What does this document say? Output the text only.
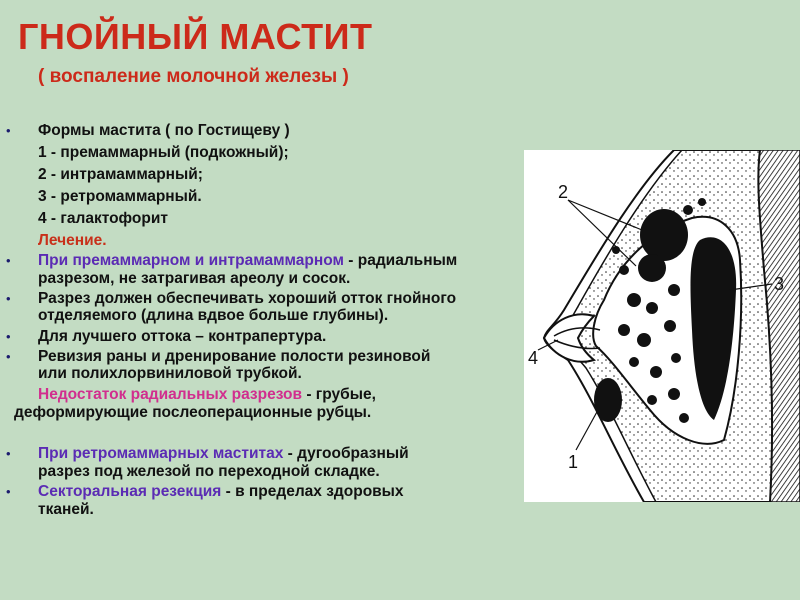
ГНОЙНЫЙ МАСТИТ
( воспаление молочной железы )
• Формы мастита ( по Гостищеву )
1 - премаммарный (подкожный);
2 - интрамаммарный;
3 - ретромаммарный.
4 - галактофорит
Лечение.
• При премаммарном и интрамаммарном - радиальным
разрезом, не затрагивая ареолу и сосок.
• Разрез должен обеспечивать хороший отток гнойного
отделяемого (длина вдвое больше глубины).
• Для лучшего оттока – контрапертура.
• Ревизия раны и дренирование полости резиновой
или полихлорвиниловой трубкой.
Недостаток радиальных разрезов - грубые,
деформирующие послеоперационные рубцы.
• При ретромаммарных маститах - дугообразный
разрез под железой по переходной складке.
• Секторальная резекция - в пределах здоровых
тканей.
2
3
4
1
